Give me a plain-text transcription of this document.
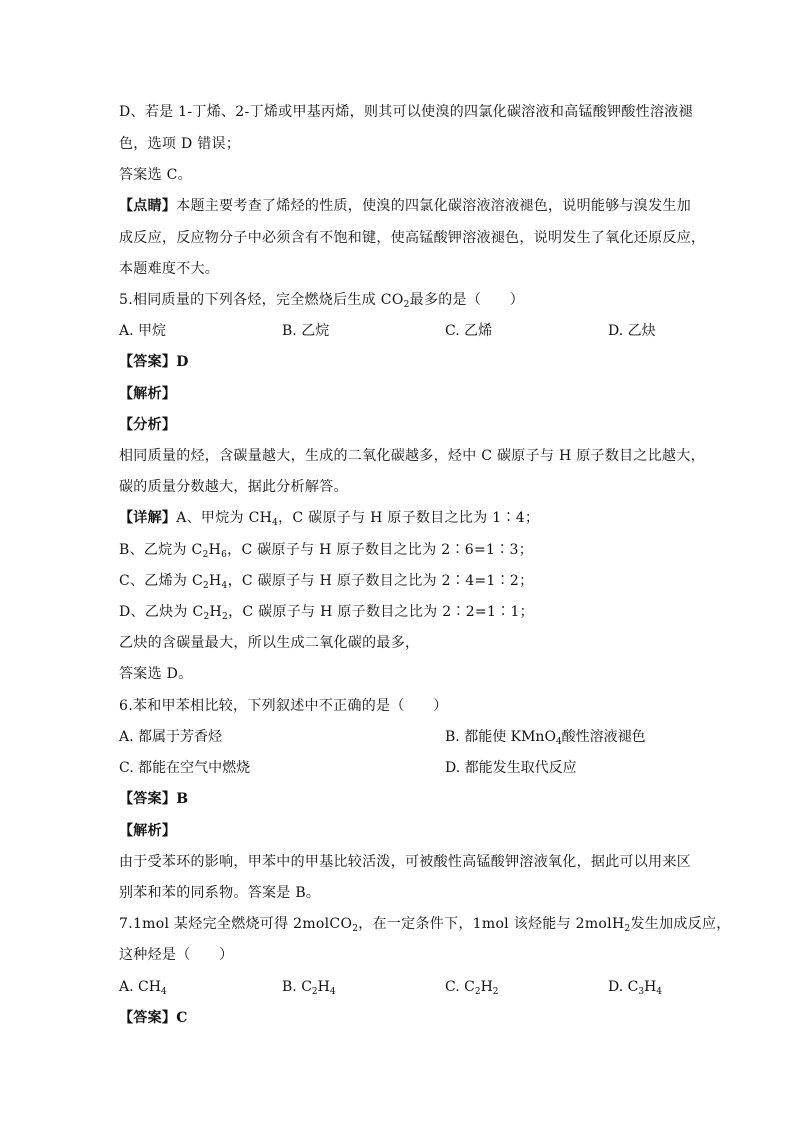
D、若是 1-丁烯、2-丁烯或甲基丙烯，则其可以使溴的四氯化碳溶液和高锰酸钾酸性溶液褪
色，选项 D 错误；
答案选 C。
【点睛】本题主要考查了烯烃的性质，使溴的四氯化碳溶液溶液褪色，说明能够与溴发生加
成反应，反应物分子中必须含有不饱和键，使高锰酸钾溶液褪色，说明发生了氧化还原反应，
本题难度不大。
5.相同质量的下列各烃，完全燃烧后生成 $CO_2$最多的是（　　）
A. 甲烷	B. 乙烷	C. 乙烯	D. 乙炔
【答案】D
【解析】
【分析】
相同质量的烃，含碳量越大，生成的二氧化碳越多，烃中 C 碳原子与 H 原子数目之比越大，
碳的质量分数越大，据此分析解答。
【详解】A、甲烷为 $CH_4$，C 碳原子与 H 原子数目之比为 1∶4；
B、乙烷为 $C_2H_6$，C 碳原子与 H 原子数目之比为 2∶6=1∶3；
C、乙烯为 $C_2H_4$，C 碳原子与 H 原子数目之比为 2∶4=1∶2；
D、乙炔为 $C_2H_2$，C 碳原子与 H 原子数目之比为 2∶2=1∶1；
乙炔的含碳量最大，所以生成二氧化碳的最多，
答案选 D。
6.苯和甲苯相比较，下列叙述中不正确的是（　　）
A. 都属于芳香烃	B. 都能使 KMnO$_4$酸性溶液褪色
C. 都能在空气中燃烧	D. 都能发生取代反应
【答案】B
【解析】
由于受苯环的影响，甲苯中的甲基比较活泼，可被酸性高锰酸钾溶液氧化，据此可以用来区
别苯和苯的同系物。答案是 B。
7.1mol 某烃完全燃烧可得 2molCO$_2$，在一定条件下，1mol 该烃能与 2molH$_2$发生加成反应，
这种烃是（　　）
A. $CH_4$	B. $C_2H_4$	C. $C_2H_2$	D. $C_3H_4$
【答案】C
